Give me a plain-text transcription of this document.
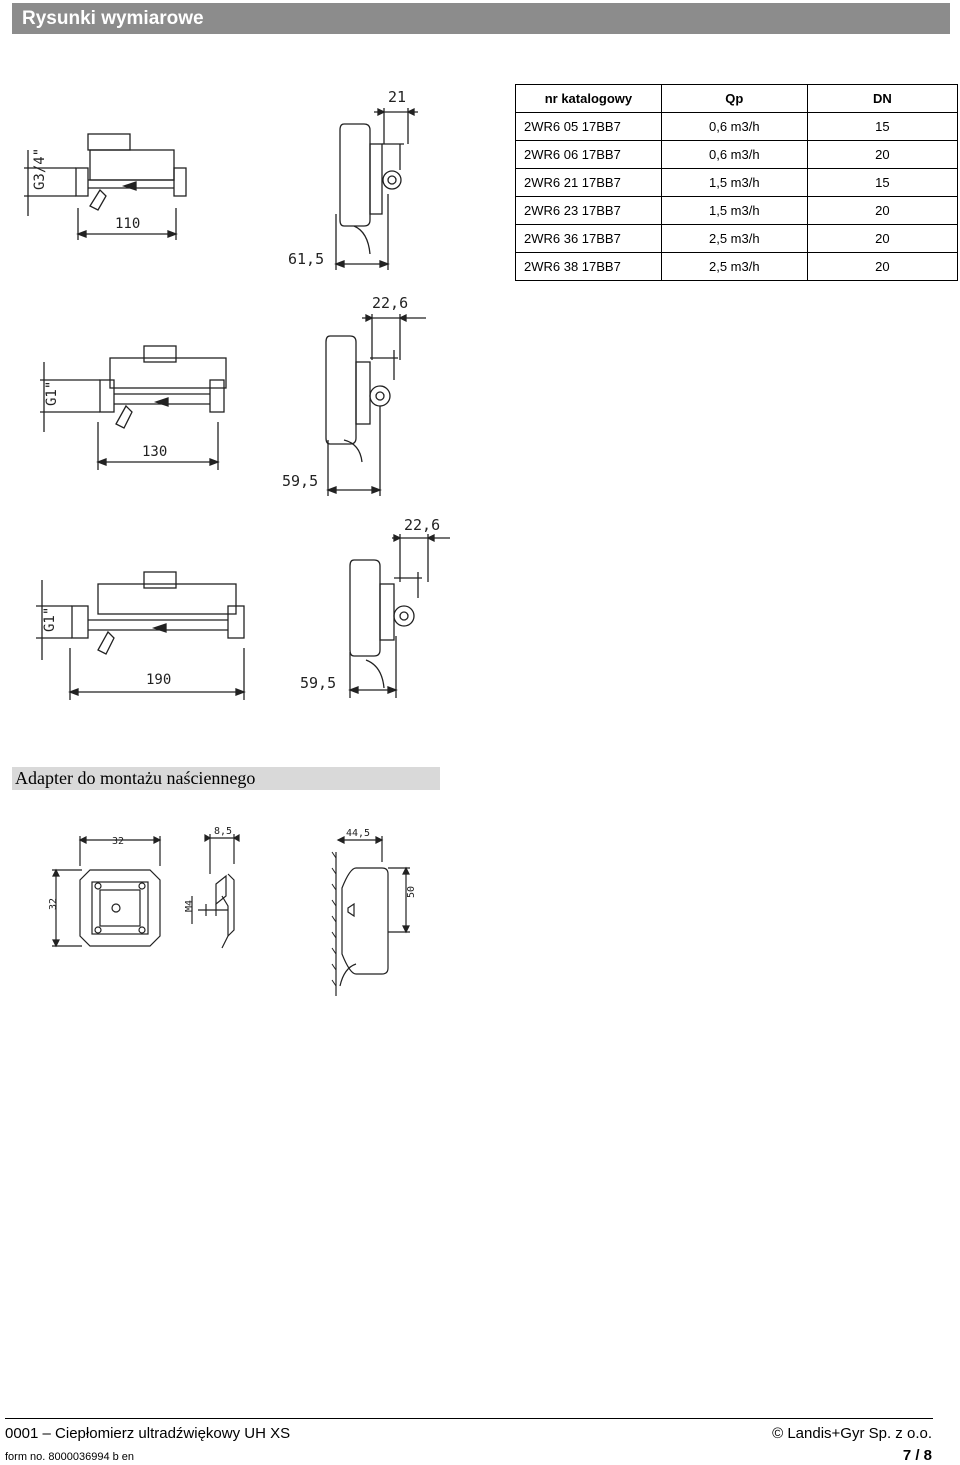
Rysunki wymiarowe
nr katalogowy	Qp	DN
2WR6 05 17BB7	0,6 m3/h	15
2WR6 06 17BB7	0,6 m3/h	20
2WR6 21 17BB7	1,5 m3/h	15
2WR6 23 17BB7	1,5 m3/h	20
2WR6 36 17BB7	2,5 m3/h	20
2WR6 38 17BB7	2,5 m3/h	20
G3/4"
110
61,5
21
G1"
130
59,5
22,6
G1"
190	59,5
22,6
Adapter do montażu naściennego
32
32
8,5
M4
44,5
50
0001 – Ciepłomierz ultradźwiękowy UH XS	© Landis+Gyr Sp. z o.o.
form no. 8000036994 b en	7 / 8
